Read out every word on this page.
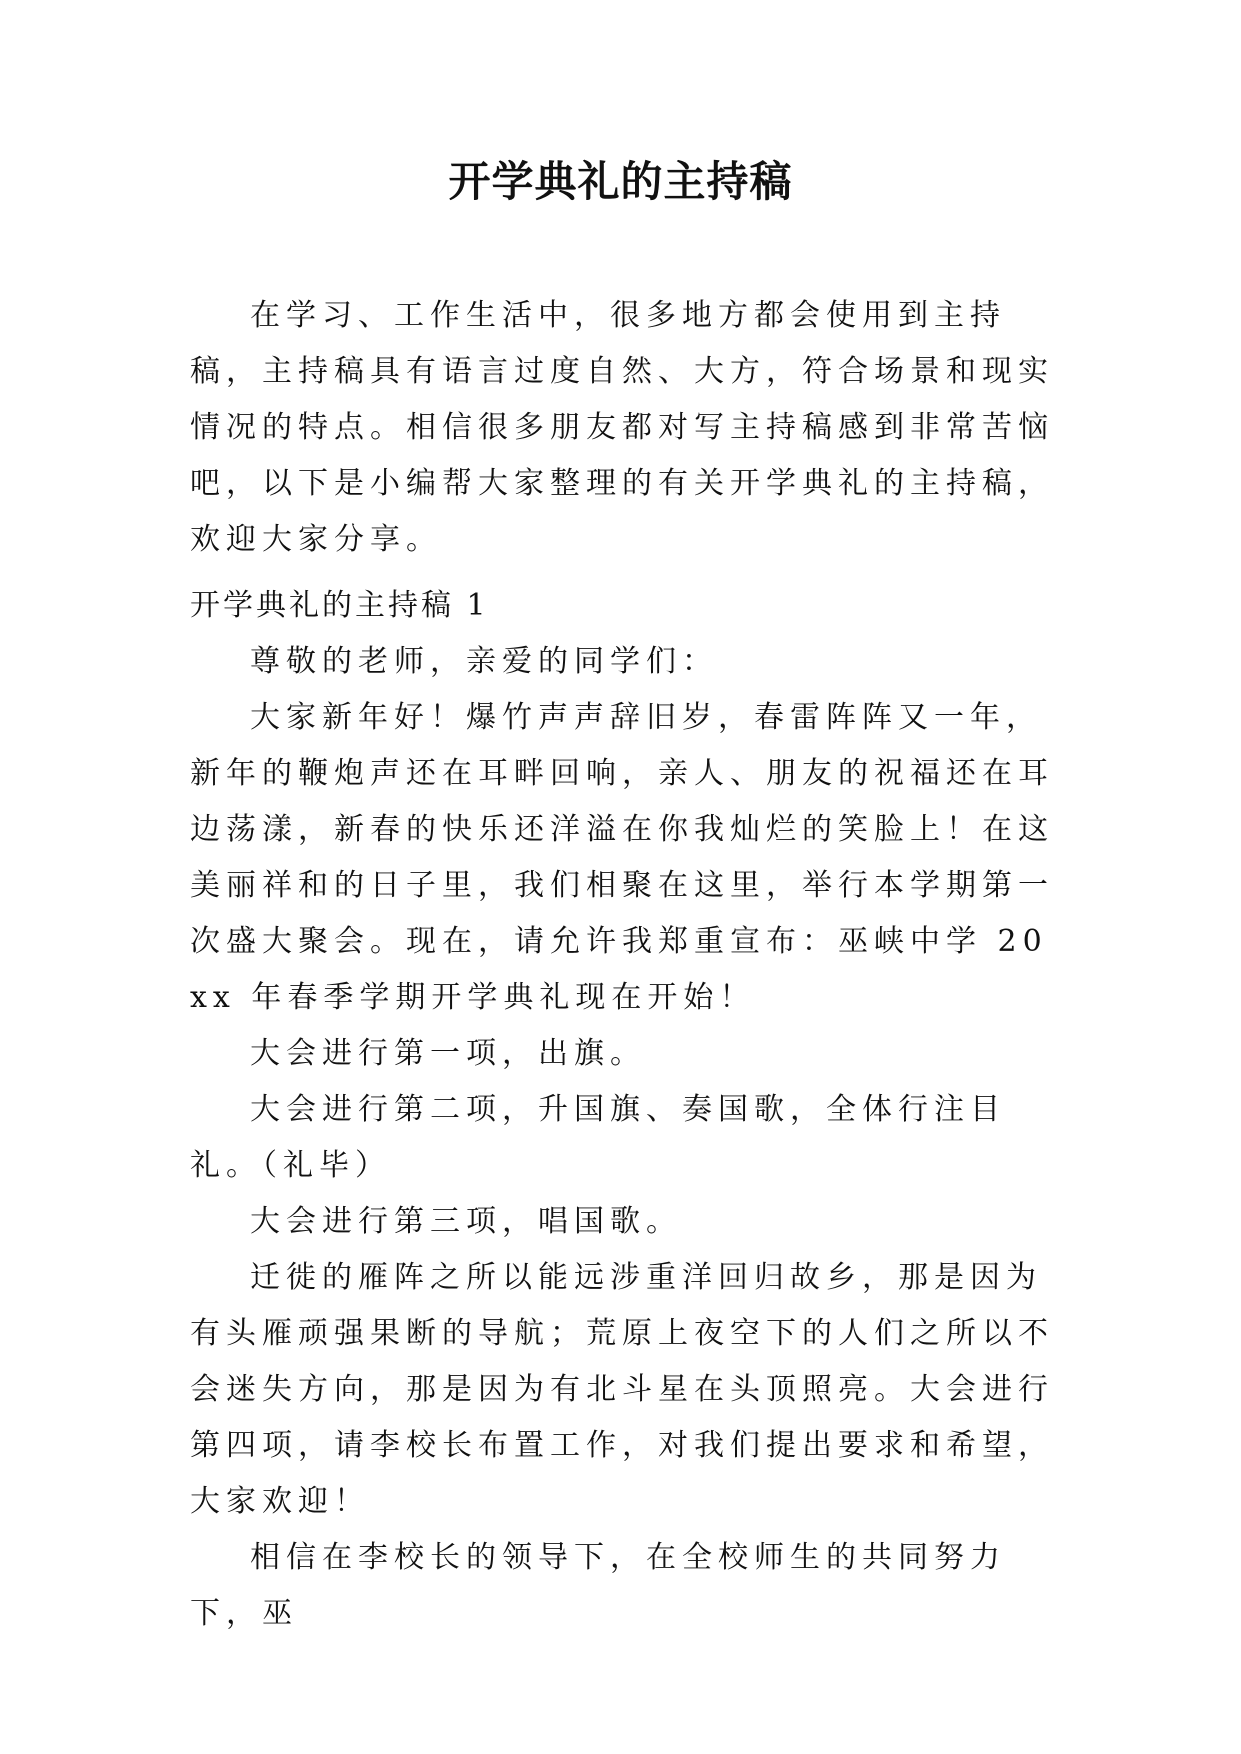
开学典礼的主持稿

在学习、工作生活中，很多地方都会使用到主持稿，主持稿具有语言过度自然、大方，符合场景和现实情况的特点。相信很多朋友都对写主持稿感到非常苦恼吧，以下是小编帮大家整理的有关开学典礼的主持稿，欢迎大家分享。

开学典礼的主持稿 1

尊敬的老师，亲爱的同学们：

大家新年好！爆竹声声辞旧岁，春雷阵阵又一年，新年的鞭炮声还在耳畔回响，亲人、朋友的祝福还在耳边荡漾，新春的快乐还洋溢在你我灿烂的笑脸上！在这美丽祥和的日子里，我们相聚在这里，举行本学期第一次盛大聚会。现在，请允许我郑重宣布：巫峡中学 20xx 年春季学期开学典礼现在开始！

大会进行第一项，出旗。

大会进行第二项，升国旗、奏国歌，全体行注目礼。（礼毕）

大会进行第三项，唱国歌。

迁徙的雁阵之所以能远涉重洋回归故乡，那是因为有头雁顽强果断的导航；荒原上夜空下的人们之所以不会迷失方向，那是因为有北斗星在头顶照亮。大会进行第四项，请李校长布置工作，对我们提出要求和希望，大家欢迎！

相信在李校长的领导下，在全校师生的共同努力下，巫
